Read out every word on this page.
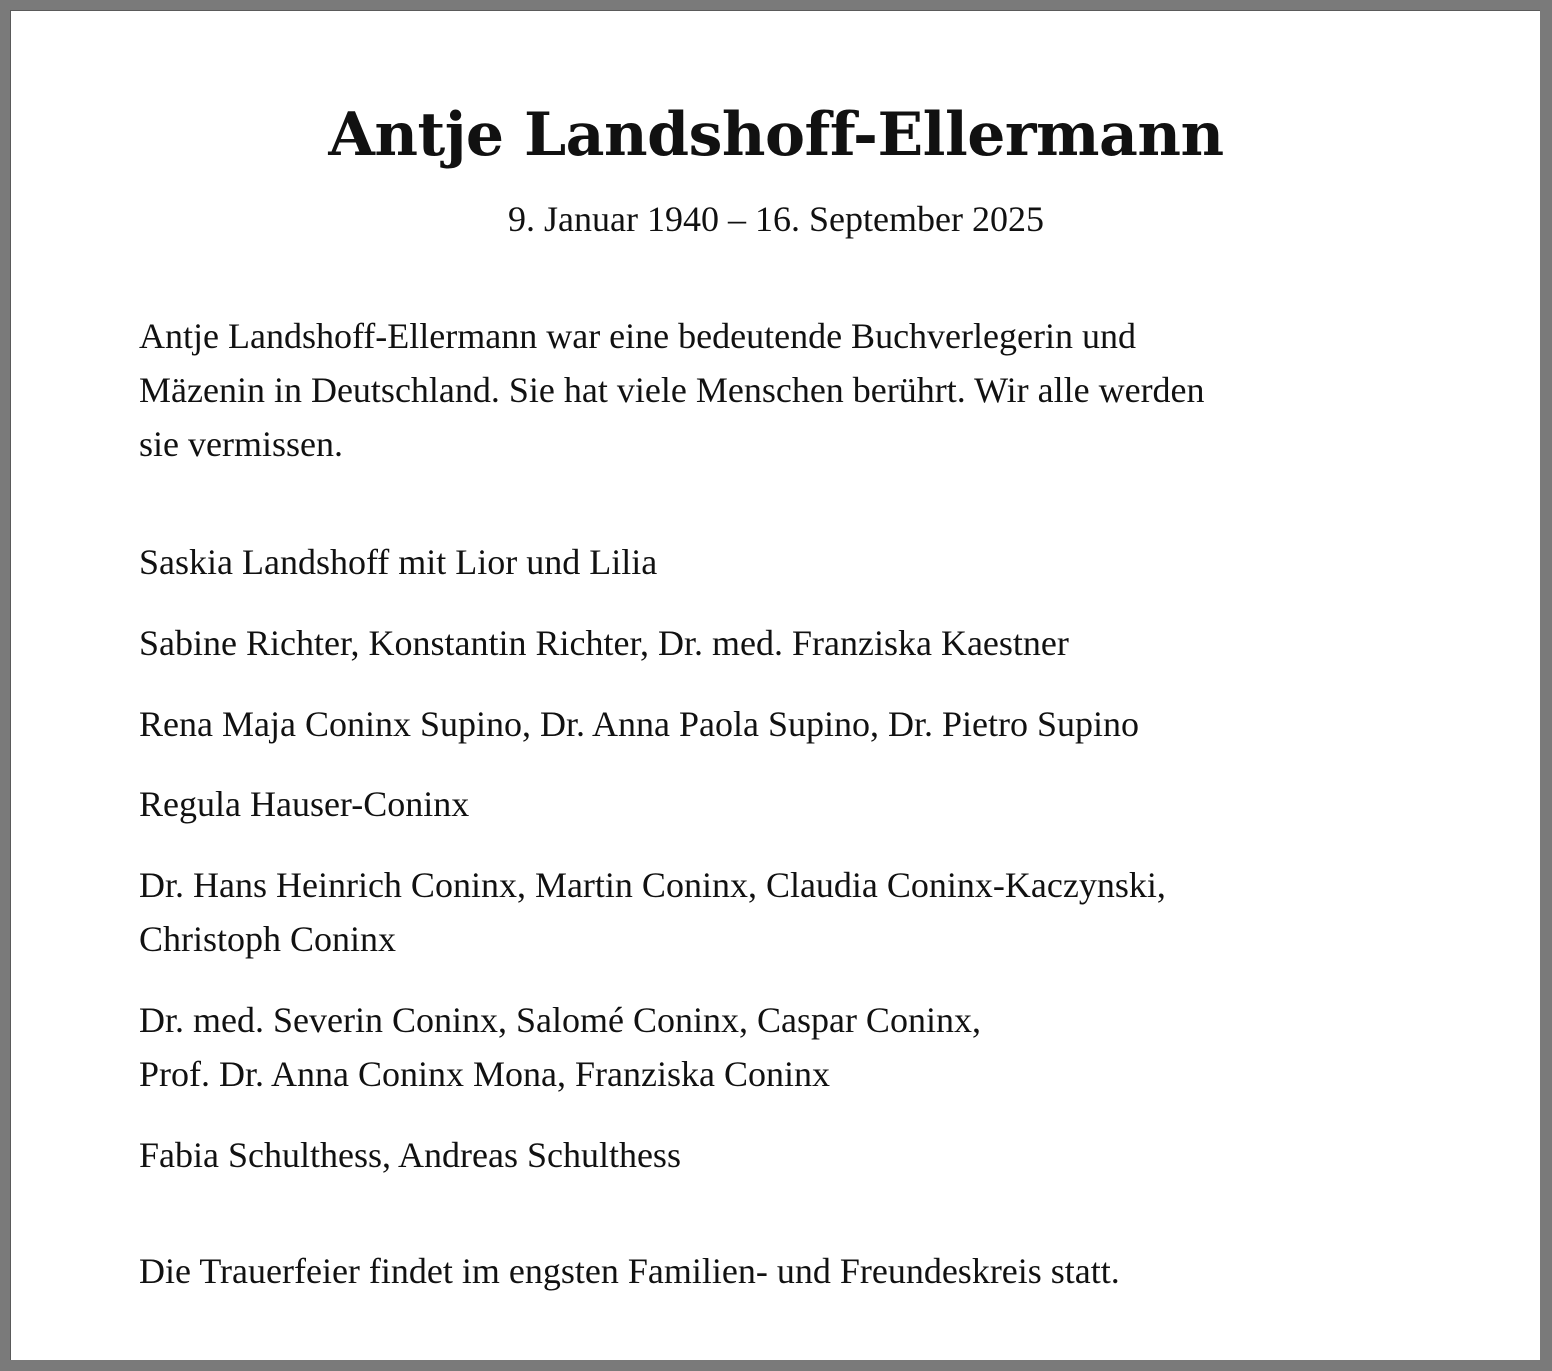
Antje Landshoff-Ellermann

9. Januar 1940 – 16. September 2025

Antje Landshoff-Ellermann war eine bedeutende Buchverlegerin und
Mäzenin in Deutschland. Sie hat viele Menschen berührt. Wir alle werden
sie vermissen.

Saskia Landshoff mit Lior und Lilia

Sabine Richter, Konstantin Richter, Dr. med. Franziska Kaestner

Rena Maja Coninx Supino, Dr. Anna Paola Supino, Dr. Pietro Supino

Regula Hauser-Coninx

Dr. Hans Heinrich Coninx, Martin Coninx, Claudia Coninx-Kaczynski,
Christoph Coninx

Dr. med. Severin Coninx, Salomé Coninx, Caspar Coninx,
Prof. Dr. Anna Coninx Mona, Franziska Coninx

Fabia Schulthess, Andreas Schulthess

Die Trauerfeier findet im engsten Familien- und Freundeskreis statt.
